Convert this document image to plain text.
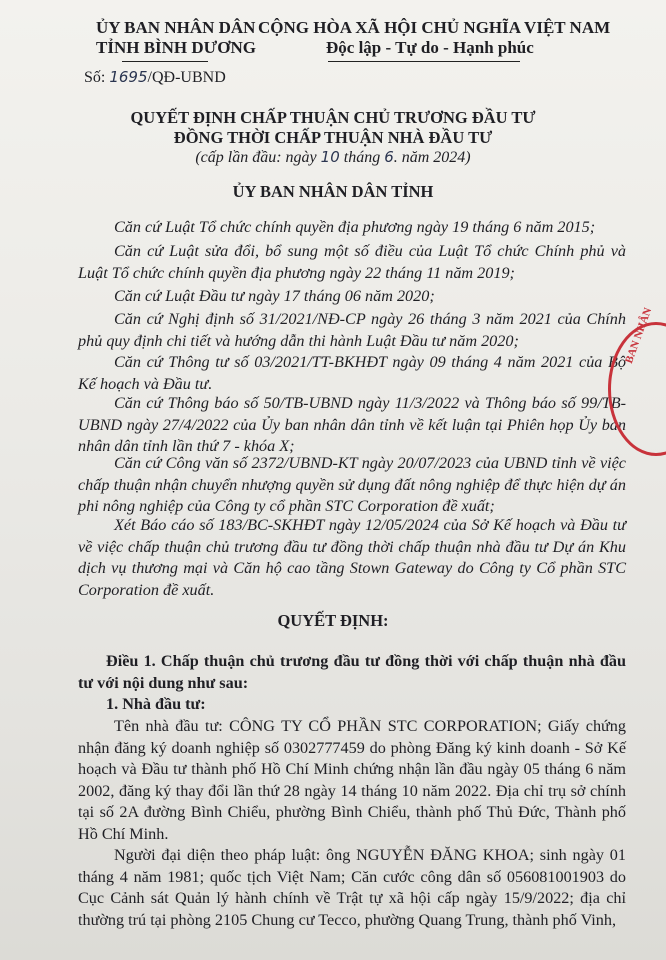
ỦY BAN NHÂN DÂN
TỈNH BÌNH DƯƠNG
CỘNG HÒA XÃ HỘI CHỦ NGHĨA VIỆT NAM
Độc lập - Tự do - Hạnh phúc
Số: 1695/QĐ-UBND
QUYẾT ĐỊNH CHẤP THUẬN CHỦ TRƯƠNG ĐẦU TƯ
ĐỒNG THỜI CHẤP THUẬN NHÀ ĐẦU TƯ
(cấp lần đầu: ngày 10 tháng 6. năm 2024)
ỦY BAN NHÂN DÂN TỈNH
Căn cứ Luật Tổ chức chính quyền địa phương ngày 19 tháng 6 năm 2015;
Căn cứ Luật sửa đổi, bổ sung một số điều của Luật Tổ chức Chính phủ và Luật Tổ chức chính quyền địa phương ngày 22 tháng 11 năm 2019;
Căn cứ Luật Đầu tư ngày 17 tháng 06 năm 2020;
Căn cứ Nghị định số 31/2021/NĐ-CP ngày 26 tháng 3 năm 2021 của Chính phủ quy định chi tiết và hướng dẫn thi hành Luật Đầu tư năm 2020;
Căn cứ Thông tư số 03/2021/TT-BKHĐT ngày 09 tháng 4 năm 2021 của Bộ Kế hoạch và Đầu tư.
Căn cứ Thông báo số 50/TB-UBND ngày 11/3/2022 và Thông báo số 99/TB-UBND ngày 27/4/2022 của Ủy ban nhân dân tỉnh về kết luận tại Phiên họp Ủy ban nhân dân tỉnh lần thứ 7 - khóa X;
Căn cứ Công văn số 2372/UBND-KT ngày 20/07/2023 của UBND tỉnh về việc chấp thuận nhận chuyển nhượng quyền sử dụng đất nông nghiệp để thực hiện dự án phi nông nghiệp của Công ty cổ phần STC Corporation đề xuất;
Xét Báo cáo số 183/BC-SKHĐT ngày 12/05/2024 của Sở Kế hoạch và Đầu tư về việc chấp thuận chủ trương đầu tư đồng thời chấp thuận nhà đầu tư Dự án Khu dịch vụ thương mại và Căn hộ cao tầng Stown Gateway do Công ty Cổ phần STC Corporation đề xuất.
QUYẾT ĐỊNH:
Điều 1. Chấp thuận chủ trương đầu tư đồng thời với chấp thuận nhà đầu tư với nội dung như sau:
1. Nhà đầu tư:
Tên nhà đầu tư: CÔNG TY CỔ PHẦN STC CORPORATION; Giấy chứng nhận đăng ký doanh nghiệp số 0302777459 do phòng Đăng ký kinh doanh - Sở Kế hoạch và Đầu tư thành phố Hồ Chí Minh chứng nhận lần đầu ngày 05 tháng 6 năm 2002, đăng ký thay đổi lần thứ 28 ngày 14 tháng 10 năm 2022. Địa chỉ trụ sở chính tại số 2A đường Bình Chiểu, phường Bình Chiểu, thành phố Thủ Đức, Thành phố Hồ Chí Minh.
Người đại diện theo pháp luật: ông NGUYỄN ĐĂNG KHOA; sinh ngày 01 tháng 4 năm 1981; quốc tịch Việt Nam; Căn cước công dân số 056081001903 do Cục Cảnh sát Quản lý hành chính về Trật tự xã hội cấp ngày 15/9/2022; địa chỉ thường trú tại phòng 2105 Chung cư Tecco, phường Quang Trung, thành phố Vinh,
BAN NHÂN
